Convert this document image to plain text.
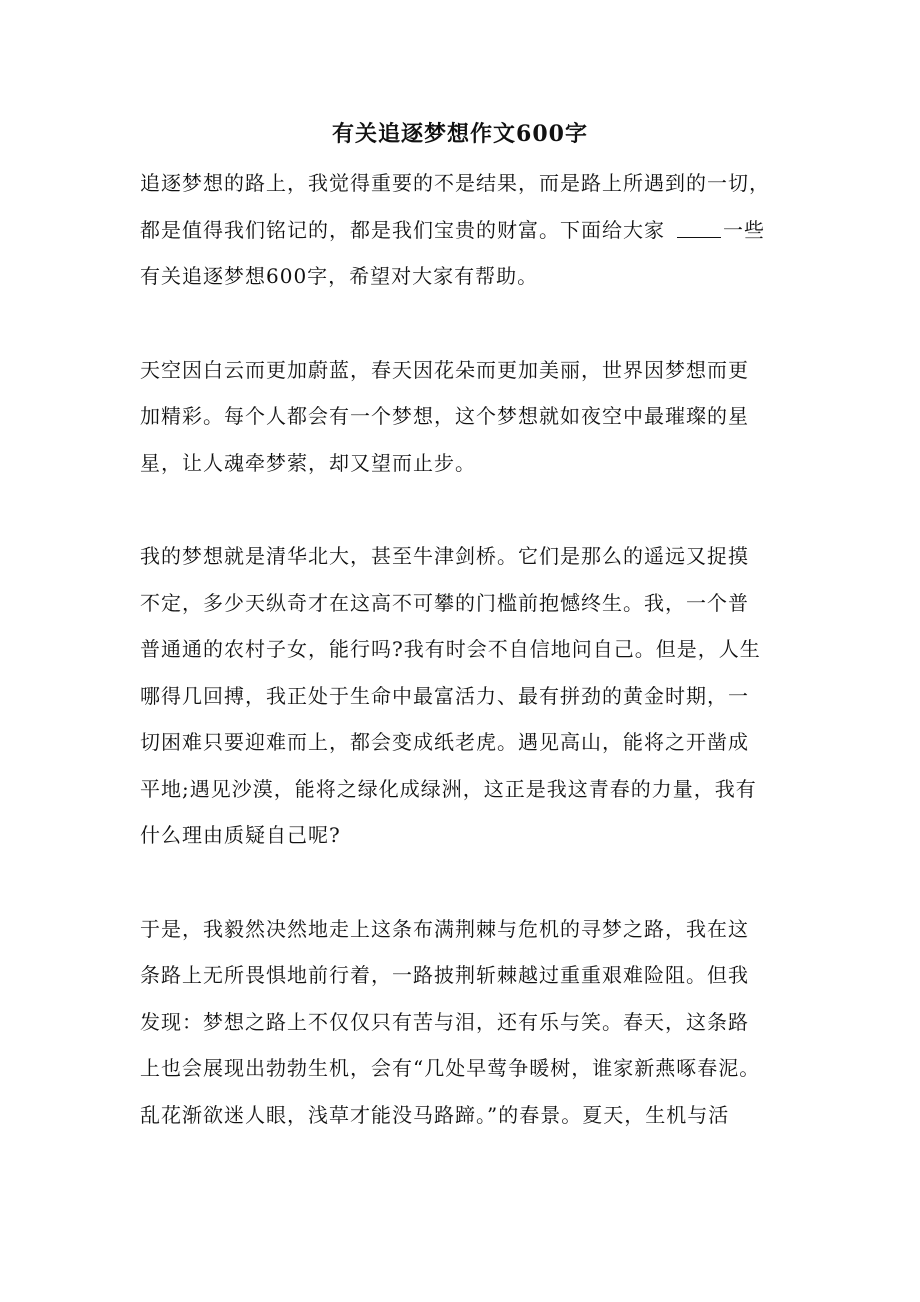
有关追逐梦想作文600字

追逐梦想的路上，我觉得重要的不是结果，而是路上所遇到的一切，
都是值得我们铭记的，都是我们宝贵的财富。下面给大家	一些
有关追逐梦想600字，希望对大家有帮助。

天空因白云而更加蔚蓝，春天因花朵而更加美丽，世界因梦想而更
加精彩。每个人都会有一个梦想，这个梦想就如夜空中最璀璨的星
星，让人魂牵梦萦，却又望而止步。

我的梦想就是清华北大，甚至牛津剑桥。它们是那么的遥远又捉摸
不定，多少天纵奇才在这高不可攀的门槛前抱憾终生。我，一个普
普通通的农村子女，能行吗?我有时会不自信地问自己。但是，人生
哪得几回搏，我正处于生命中最富活力、最有拼劲的黄金时期，一
切困难只要迎难而上，都会变成纸老虎。遇见高山，能将之开凿成
平地;遇见沙漠，能将之绿化成绿洲，这正是我这青春的力量，我有
什么理由质疑自己呢?

于是，我毅然决然地走上这条布满荆棘与危机的寻梦之路，我在这
条路上无所畏惧地前行着，一路披荆斩棘越过重重艰难险阻。但我
发现：梦想之路上不仅仅只有苦与泪，还有乐与笑。春天，这条路
上也会展现出勃勃生机，会有“几处早莺争暖树，谁家新燕啄春泥。
乱花渐欲迷人眼，浅草才能没马路蹄。”的春景。夏天，生机与活
